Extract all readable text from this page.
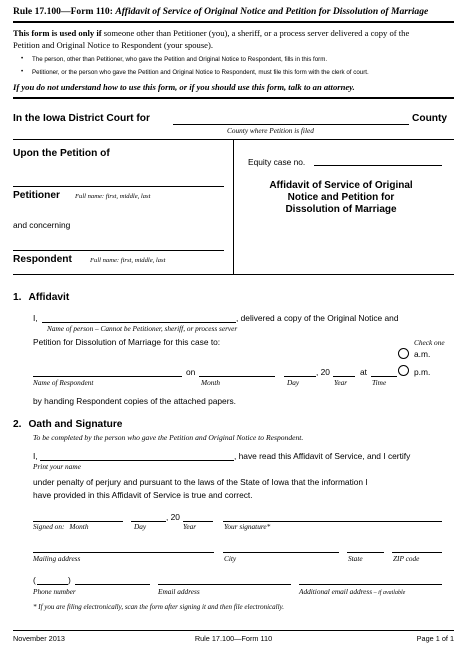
Rule 17.100—Form 110: Affidavit of Service of Original Notice and Petition for Dissolution of Marriage
This form is used only if someone other than Petitioner (you), a sheriff, or a process server delivered a copy of the
Petition and Original Notice to Respondent (your spouse).
• The person, other than Petitioner, who gave the Petition and Original Notice to Respondent, fills in this form.
• Petitioner, or the person who gave the Petition and Original Notice to Respondent, must file this form with the clerk of court.
If you do not understand how to use this form, or if you should use this form, talk to an attorney.
In the Iowa District Court for	County
County where Petition is filed
Upon the Petition of
Petitioner Full name: first, middle, last
and concerning
Respondent	Full name: first, middle, last
Equity case no.
Affidavit of Service of Original
Notice and Petition for
Dissolution of Marriage
1. Affidavit
I,	, delivered a copy of the Original Notice and
Name of person – Cannot be Petitioner, sheriff, or process server
Petition for Dissolution of Marriage for this case to:	Check one
a.m.
on	, 20	at	p.m.
Name of Respondent	Month	Day	Year	Time
by handing Respondent copies of the attached papers.
2. Oath and Signature
To be completed by the person who gave the Petition and Original Notice to Respondent.
I,	, have read this Affidavit of Service, and I certify
Print your name
under penalty of perjury and pursuant to the laws of the State of Iowa that the information I
have provided in this Affidavit of Service is true and correct.
, 20
Signed on: Month	Day	Year	Your signature*
Mailing address	City	State	ZIP code
(	)
Phone number	Email address	Additional email address – if available
* If you are filing electronically, scan the form after signing it and then file electronically.
November 2013	Rule 17.100—Form 110	Page 1 of 1
